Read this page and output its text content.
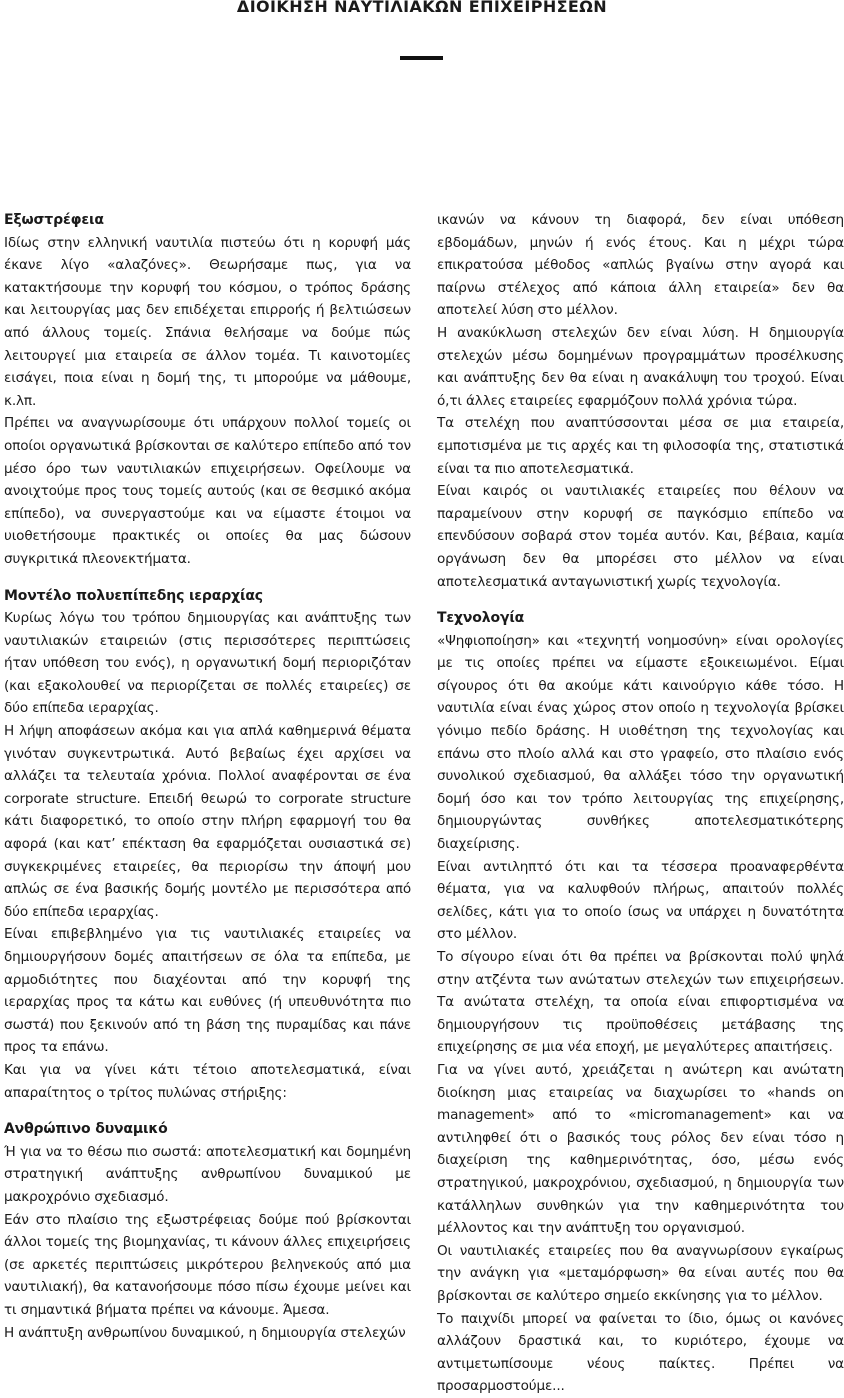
ΔΙΟΙΚΗΣΗ ΝΑΥΤΙΛΙΑΚΩΝ ΕΠΙΧΕΙΡΗΣΕΩΝ
Εξωστρέφεια

Ιδίως στην ελληνική ναυτιλία πιστεύω ότι η κορυφή μάς έκανε λίγο «αλαζόνες». Θεωρήσαμε πως, για να κατακτήσουμε την κορυφή του κόσμου, ο τρόπος δράσης και λειτουργίας μας δεν επιδέχεται επιρροής ή βελτιώσεων από άλλους τομείς. Σπάνια θελήσαμε να δούμε πώς λειτουργεί μια εταιρεία σε άλλον τομέα. Τι καινοτομίες εισάγει, ποια είναι η δομή της, τι μπορούμε να μάθουμε, κ.λπ.

Πρέπει να αναγνωρίσουμε ότι υπάρχουν πολλοί τομείς οι οποίοι οργανωτικά βρίσκονται σε καλύτερο επίπεδο από τον μέσο όρο των ναυτιλιακών επιχειρήσεων. Οφείλουμε να ανοιχτούμε προς τους τομείς αυτούς (και σε θεσμικό ακόμα επίπεδο), να συνεργαστούμε και να είμαστε έτοιμοι να υιοθετήσουμε πρακτικές οι οποίες θα μας δώσουν συγκριτικά πλεονεκτήματα.

Μοντέλο πολυεπίπεδης ιεραρχίας

Κυρίως λόγω του τρόπου δημιουργίας και ανάπτυξης των ναυτιλιακών εταιρειών (στις περισσότερες περιπτώσεις ήταν υπόθεση του ενός), η οργανωτική δομή περιοριζόταν (και εξακολουθεί να περιορίζεται σε πολλές εταιρείες) σε δύο επίπεδα ιεραρχίας.

Η λήψη αποφάσεων ακόμα και για απλά καθημερινά θέματα γινόταν συγκεντρωτικά. Αυτό βεβαίως έχει αρχίσει να αλλάζει τα τελευταία χρόνια. Πολλοί αναφέρονται σε ένα corporate structure. Επειδή θεωρώ το corporate structure κάτι διαφορετικό, το οποίο στην πλήρη εφαρμογή του θα αφορά (και κατ’ επέκταση θα εφαρμόζεται ουσιαστικά σε) συγκεκριμένες εταιρείες, θα περιορίσω την άποψή μου απλώς σε ένα βασικής δομής μοντέλο με περισσότερα από δύο επίπεδα ιεραρχίας.

Είναι επιβεβλημένο για τις ναυτιλιακές εταιρείες να δημιουργήσουν δομές απαιτήσεων σε όλα τα επίπεδα, με αρμοδιότητες που διαχέονται από την κορυφή της ιεραρχίας προς τα κάτω και ευθύνες (ή υπευθυνότητα πιο σωστά) που ξεκινούν από τη βάση της πυραμίδας και πάνε προς τα επάνω.

Και για να γίνει κάτι τέτοιο αποτελεσματικά, είναι απαραίτητος ο τρίτος πυλώνας στήριξης:

Ανθρώπινο δυναμικό

Ή για να το θέσω πιο σωστά: αποτελεσματική και δομημένη στρατηγική ανάπτυξης ανθρωπίνου δυναμικού με μακροχρόνιο σχεδιασμό.

Εάν στο πλαίσιο της εξωστρέφειας δούμε πού βρίσκονται άλλοι τομείς της βιομηχανίας, τι κάνουν άλλες επιχειρήσεις (σε αρκετές περιπτώσεις μικρότερου βεληνεκούς από μια ναυτιλιακή), θα κατανοήσουμε πόσο πίσω έχουμε μείνει και τι σημαντικά βήματα πρέπει να κάνουμε. Άμεσα.

Η ανάπτυξη ανθρωπίνου δυναμικού, η δημιουργία στελεχών

ικανών να κάνουν τη διαφορά, δεν είναι υπόθεση εβδομάδων, μηνών ή ενός έτους. Και η μέχρι τώρα επικρατούσα μέθοδος «απλώς βγαίνω στην αγορά και παίρνω στέλεχος από κάποια άλλη εταιρεία» δεν θα αποτελεί λύση στο μέλλον.

Η ανακύκλωση στελεχών δεν είναι λύση. Η δημιουργία στελεχών μέσω δομημένων προγραμμάτων προσέλκυσης και ανάπτυξης δεν θα είναι η ανακάλυψη του τροχού. Είναι ό,τι άλλες εταιρείες εφαρμόζουν πολλά χρόνια τώρα.

Τα στελέχη που αναπτύσσονται μέσα σε μια εταιρεία, εμποτισμένα με τις αρχές και τη φιλοσοφία της, στατιστικά είναι τα πιο αποτελεσματικά.

Είναι καιρός οι ναυτιλιακές εταιρείες που θέλουν να παραμείνουν στην κορυφή σε παγκόσμιο επίπεδο να επενδύσουν σοβαρά στον τομέα αυτόν. Και, βέβαια, καμία οργάνωση δεν θα μπορέσει στο μέλλον να είναι αποτελεσματικά ανταγωνιστική χωρίς τεχνολογία.

Τεχνολογία

«Ψηφιοποίηση» και «τεχνητή νοημοσύνη» είναι ορολογίες με τις οποίες πρέπει να είμαστε εξοικειωμένοι. Είμαι σίγουρος ότι θα ακούμε κάτι καινούργιο κάθε τόσο. Η ναυτιλία είναι ένας χώρος στον οποίο η τεχνολογία βρίσκει γόνιμο πεδίο δράσης. Η υιοθέτηση της τεχνολογίας και επάνω στο πλοίο αλλά και στο γραφείο, στο πλαίσιο ενός συνολικού σχεδιασμού, θα αλλάξει τόσο την οργανωτική δομή όσο και τον τρόπο λειτουργίας της επιχείρησης, δημιουργώντας συνθήκες αποτελεσματικότερης διαχείρισης.

Είναι αντιληπτό ότι και τα τέσσερα προαναφερθέντα θέματα, για να καλυφθούν πλήρως, απαιτούν πολλές σελίδες, κάτι για το οποίο ίσως να υπάρχει η δυνατότητα στο μέλλον.

Το σίγουρο είναι ότι θα πρέπει να βρίσκονται πολύ ψηλά στην ατζέντα των ανώτατων στελεχών των επιχειρήσεων. Τα ανώτατα στελέχη, τα οποία είναι επιφορτισμένα να δημιουργήσουν τις προϋποθέσεις μετάβασης της επιχείρησης σε μια νέα εποχή, με μεγαλύτερες απαιτήσεις.

Για να γίνει αυτό, χρειάζεται η ανώτερη και ανώτατη διοίκηση μιας εταιρείας να διαχωρίσει το «hands on management» από το «micromanagement» και να αντιληφθεί ότι ο βασικός τους ρόλος δεν είναι τόσο η διαχείριση της καθημερινότητας, όσο, μέσω ενός στρατηγικού, μακροχρόνιου, σχεδιασμού, η δημιουργία των κατάλληλων συνθηκών για την καθημερινότητα του μέλλοντος και την ανάπτυξη του οργανισμού.

Οι ναυτιλιακές εταιρείες που θα αναγνωρίσουν εγκαίρως την ανάγκη για «μεταμόρφωση» θα είναι αυτές που θα βρίσκονται σε καλύτερο σημείο εκκίνησης για το μέλλον.

Το παιχνίδι μπορεί να φαίνεται το ίδιο, όμως οι κανόνες αλλάζουν δραστικά και, το κυριότερο, έχουμε να αντιμετωπίσουμε νέους παίκτες. Πρέπει να προσαρμοστούμε...
